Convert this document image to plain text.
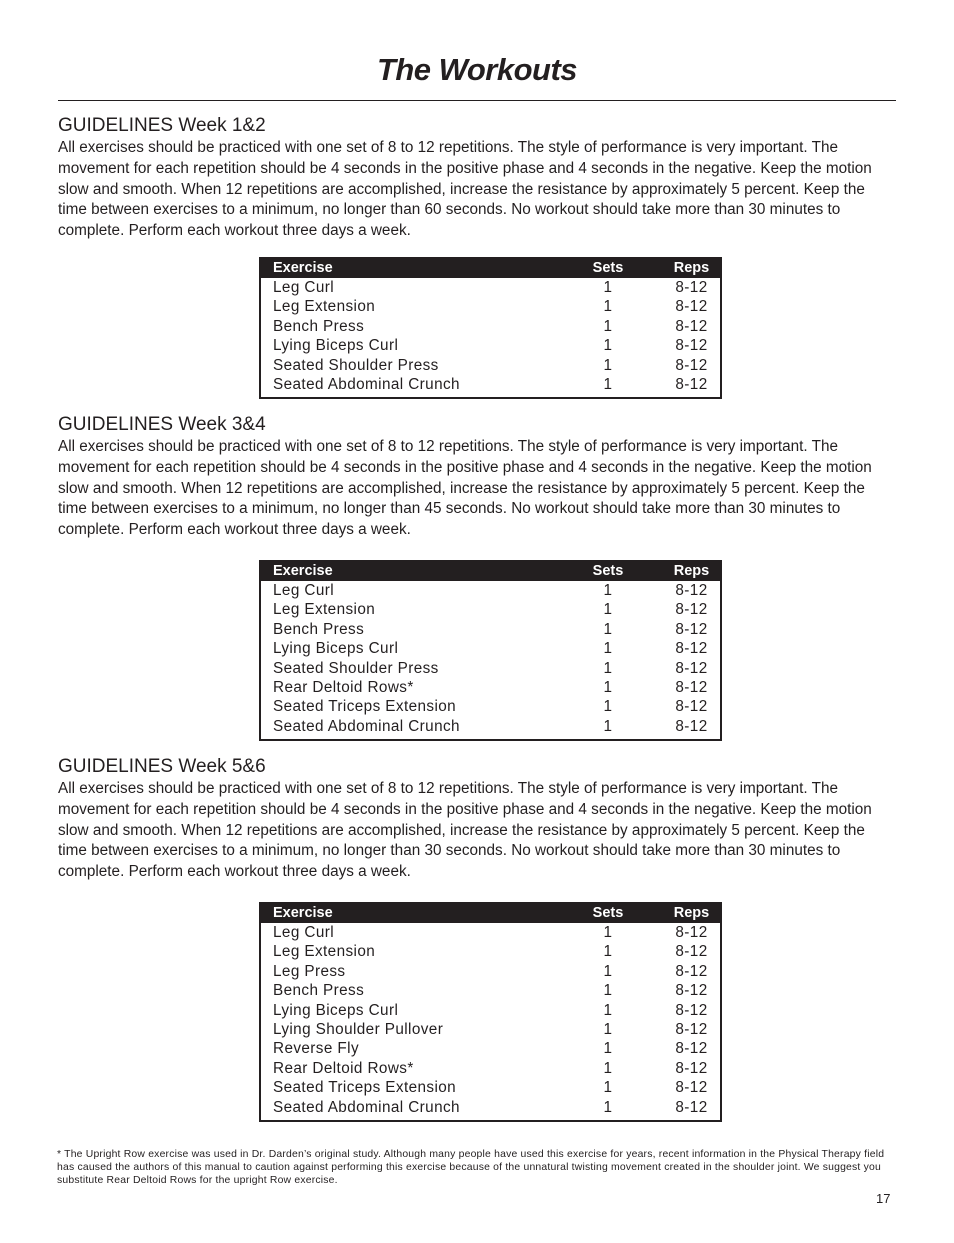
The Workouts
GUIDELINES Week 1&2

All exercises should be practiced with one set of 8 to 12 repetitions. The style of performance is very important. The movement for each repetition should be 4 seconds in the positive phase and 4 seconds in the negative. Keep the motion slow and smooth. When 12 repetitions are accomplished, increase the resistance by approximately 5 percent. Keep the time between exercises to a minimum, no longer than 60 seconds. No workout should take more than 30 minutes to complete. Perform each workout three days a week.

Exercise	Sets	Reps
Leg Curl	1	8-12
Leg Extension	1	8-12
Bench Press	1	8-12
Lying Biceps Curl	1	8-12
Seated Shoulder Press	1	8-12
Seated Abdominal Crunch	1	8-12
GUIDELINES Week 3&4

All exercises should be practiced with one set of 8 to 12 repetitions. The style of performance is very important. The movement for each repetition should be 4 seconds in the positive phase and 4 seconds in the negative. Keep the motion slow and smooth. When 12 repetitions are accomplished, increase the resistance by approximately 5 percent. Keep the time between exercises to a minimum, no longer than 45 seconds. No workout should take more than 30 minutes to complete. Perform each workout three days a week.

Exercise	Sets	Reps
Leg Curl	1	8-12
Leg Extension	1	8-12
Bench Press	1	8-12
Lying Biceps Curl	1	8-12
Seated Shoulder Press	1	8-12
Rear Deltoid Rows*	1	8-12
Seated Triceps Extension	1	8-12
Seated Abdominal Crunch	1	8-12
GUIDELINES Week 5&6

All exercises should be practiced with one set of 8 to 12 repetitions. The style of performance is very important. The movement for each repetition should be 4 seconds in the positive phase and 4 seconds in the negative. Keep the motion slow and smooth. When 12 repetitions are accomplished, increase the resistance by approximately 5 percent. Keep the time between exercises to a minimum, no longer than 30 seconds. No workout should take more than 30 minutes to complete. Perform each workout three days a week.

Exercise	Sets	Reps
Leg Curl	1	8-12
Leg Extension	1	8-12
Leg Press	1	8-12
Bench Press	1	8-12
Lying Biceps Curl	1	8-12
Lying Shoulder Pullover	1	8-12
Reverse Fly	1	8-12
Rear Deltoid Rows*	1	8-12
Seated Triceps Extension	1	8-12
Seated Abdominal Crunch	1	8-12

* The Upright Row exercise was used in Dr. Darden’s original study. Although many people have used this exercise for years, recent information in the Physical Therapy field has caused the authors of this manual to caution against performing this exercise because of the unnatural twisting movement created in the shoulder joint. We suggest you substitute Rear Deltoid Rows for the upright Row exercise.

17
